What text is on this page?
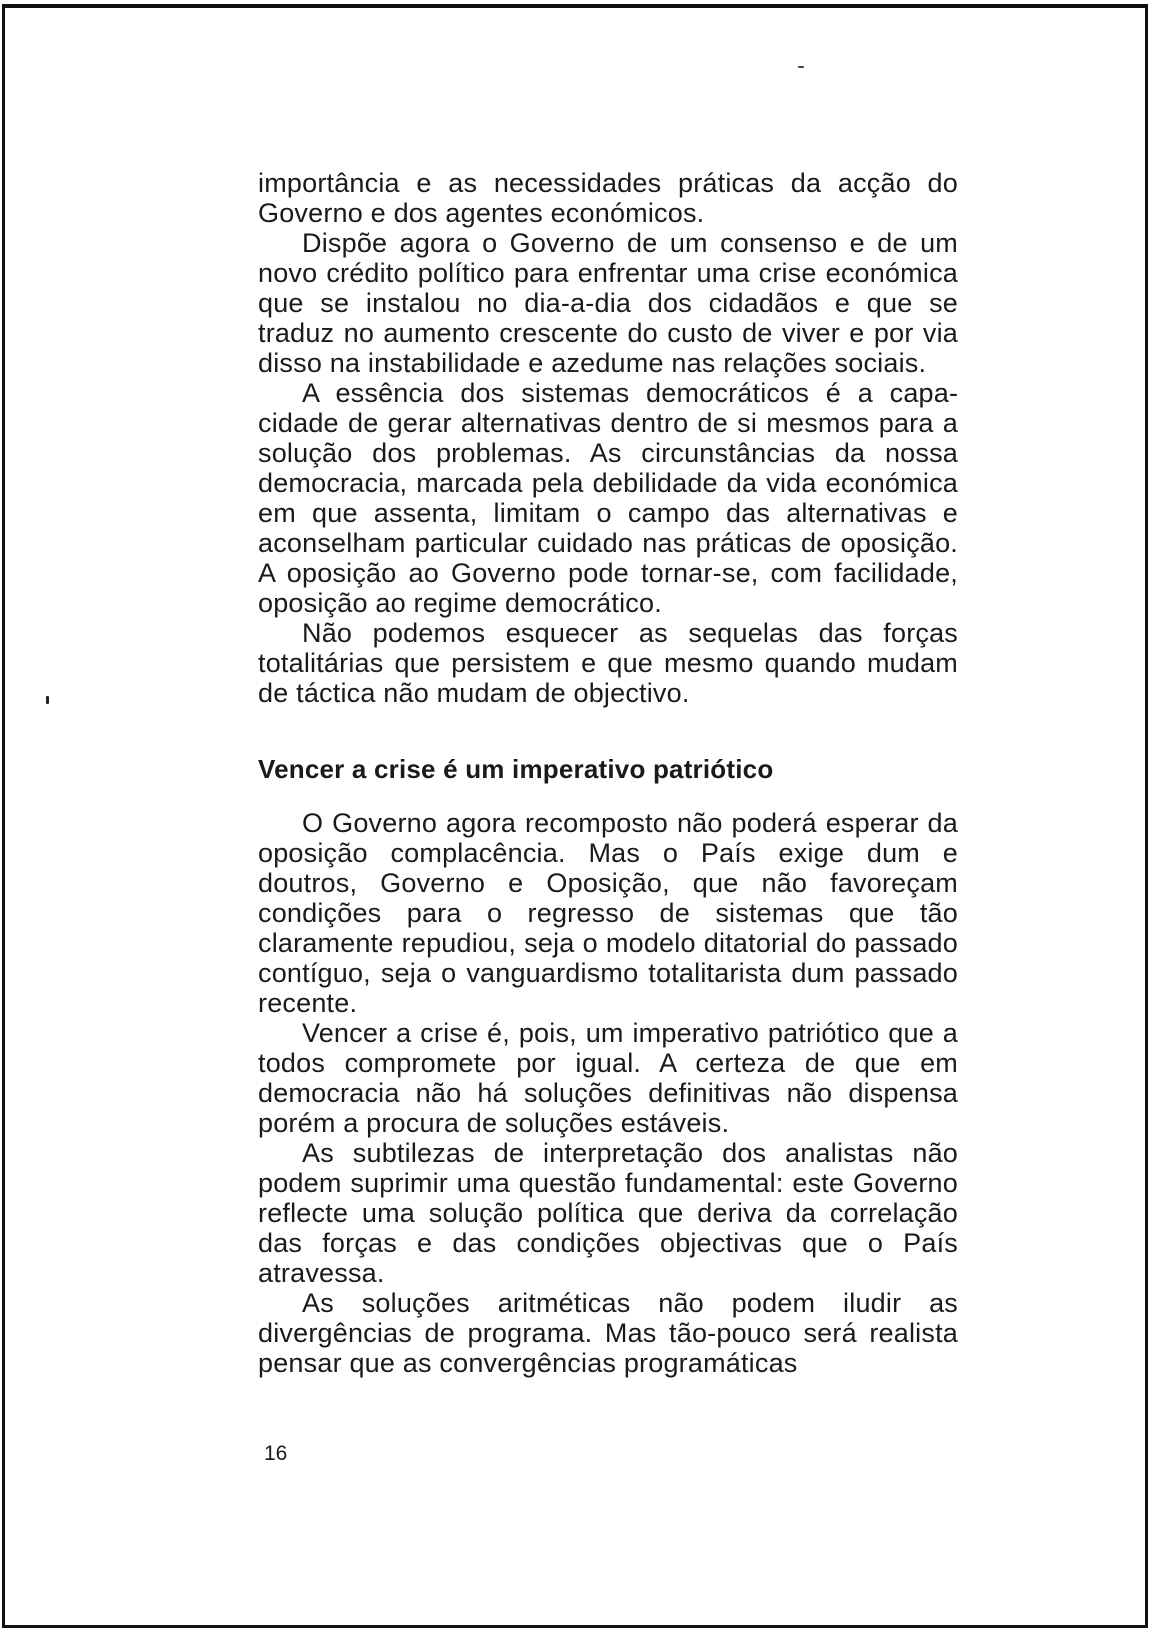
importância e as necessidades práticas da acção do Governo e dos agentes económicos.

Dispõe agora o Governo de um consenso e de um novo crédito político para enfrentar uma crise económica que se instalou no dia-a-dia dos cidadãos e que se traduz no aumento crescente do custo de viver e por via disso na instabilidade e azedume nas relações sociais.

A essência dos sistemas democráticos é a capacidade de gerar alternativas dentro de si mesmos para a solução dos problemas. As circunstâncias da nossa democracia, marcada pela debilidade da vida económica em que assenta, limitam o campo das alternativas e aconselham particular cuidado nas práticas de oposição. A oposição ao Governo pode tornar-se, com facilidade, oposição ao regime democrático.

Não podemos esquecer as sequelas das forças totalitárias que persistem e que mesmo quando mudam de táctica não mudam de objectivo.

Vencer a crise é um imperativo patriótico

O Governo agora recomposto não poderá esperar da oposição complacência. Mas o País exige dum e doutros, Governo e Oposição, que não favoreçam condições para o regresso de sistemas que tão claramente repudiou, seja o modelo ditatorial do passado contíguo, seja o vanguardismo totalitarista dum passado recente.

Vencer a crise é, pois, um imperativo patriótico que a todos compromete por igual. A certeza de que em democracia não há soluções definitivas não dispensa porém a procura de soluções estáveis.

As subtilezas de interpretação dos analistas não podem suprimir uma questão fundamental: este Governo reflecte uma solução política que deriva da correlação das forças e das condições objectivas que o País atravessa.

As soluções aritméticas não podem iludir as divergências de programa. Mas tão-pouco será realista pensar que as convergências programáticas

16
